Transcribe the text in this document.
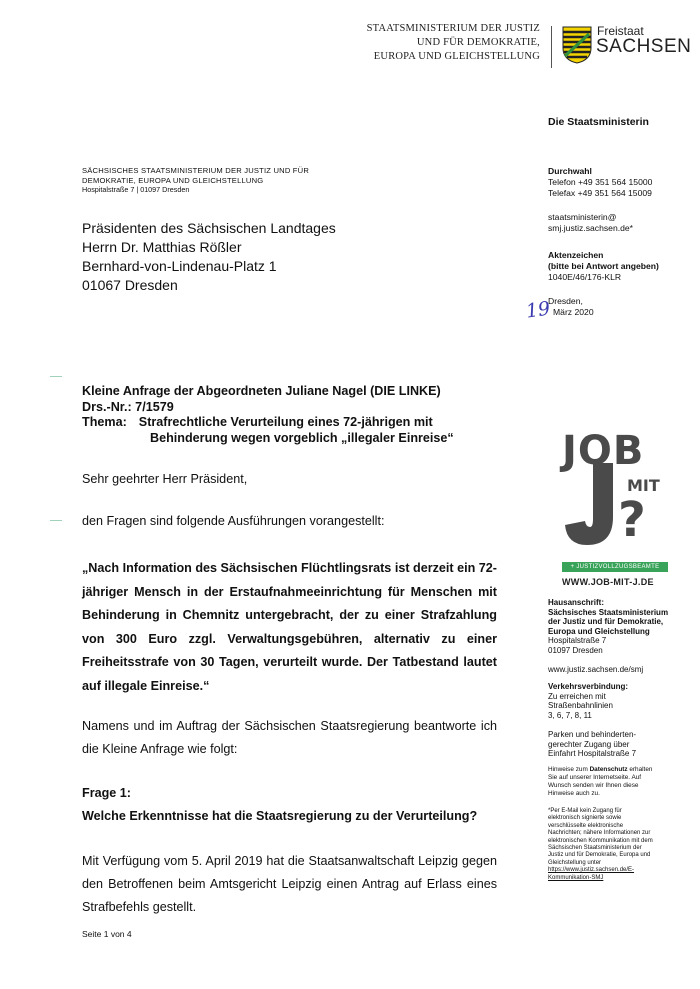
STAATSMINISTERIUM DER JUSTIZ
UND FÜR DEMOKRATIE,
EUROPA UND GLEICHSTELLUNG
Freistaat
SACHSEN
Die Staatsministerin
SÄCHSISCHES STAATSMINISTERIUM DER JUSTIZ UND FÜR
DEMOKRATIE, EUROPA UND GLEICHSTELLUNG
Hospitalstraße 7 | 01097 Dresden
Präsidenten des Sächsischen Landtages
Herrn Dr. Matthias Rößler
Bernhard-von-Lindenau-Platz 1
01067 Dresden
Durchwahl
Telefon +49 351 564 15000
Telefax +49 351 564 15009
staatsministerin@
smj.justiz.sachsen.de*
Aktenzeichen
(bitte bei Antwort angeben)
1040E/46/176-KLR
Dresden,
März 2020
19
Kleine Anfrage der Abgeordneten Juliane Nagel (DIE LINKE)
Drs.-Nr.: 7/1579
Thema: Strafrechtliche Verurteilung eines 72-jährigen mit
Behinderung wegen vorgeblich „illegaler Einreise“
Sehr geehrter Herr Präsident,
den Fragen sind folgende Ausführungen vorangestellt:
„Nach Information des Sächsischen Flüchtlingsrats ist derzeit ein 72-jähriger Mensch in der Erstaufnahmeeinrichtung für Menschen mit Behinderung in Chemnitz untergebracht, der zu einer Strafzahlung von 300 Euro zzgl. Verwaltungsgebühren, alternativ zu einer Freiheitsstrafe von 30 Tagen, verurteilt wurde. Der Tatbestand lautet auf illegale Einreise.“
Namens und im Auftrag der Sächsischen Staatsregierung beantworte ich die Kleine Anfrage wie folgt:
Frage 1:
Welche Erkenntnisse hat die Staatsregierung zu der Verurteilung?
Mit Verfügung vom 5. April 2019 hat die Staatsanwaltschaft Leipzig gegen den Betroffenen beim Amtsgericht Leipzig einen Antrag auf Erlass eines Strafbefehls gestellt.
Seite 1 von 4
JOB
MIT
?
+ JUSTIZVOLLZUGSBEAMTE
WWW.JOB-MIT-J.DE
Hausanschrift:
Sächsisches Staatsministerium
der Justiz und für Demokratie,
Europa und Gleichstellung
Hospitalstraße 7
01097 Dresden
www.justiz.sachsen.de/smj
Verkehrsverbindung:
Zu erreichen mit
Straßenbahnlinien
3, 6, 7, 8, 11
Parken und behinderten-
gerechter Zugang über
Einfahrt Hospitalstraße 7
Hinweise zum Datenschutz erhalten
Sie auf unserer Internetseite. Auf
Wunsch senden wir Ihnen diese
Hinweise auch zu.
*Per E-Mail kein Zugang für
elektronisch signierte sowie
verschlüsselte elektronische
Nachrichten; nähere Informationen zur
elektronischen Kommunikation mit dem
Sächsischen Staatsministerium der
Justiz und für Demokratie, Europa und
Gleichstellung unter
https://www.justiz.sachsen.de/E-
Kommunikation-SMJ
